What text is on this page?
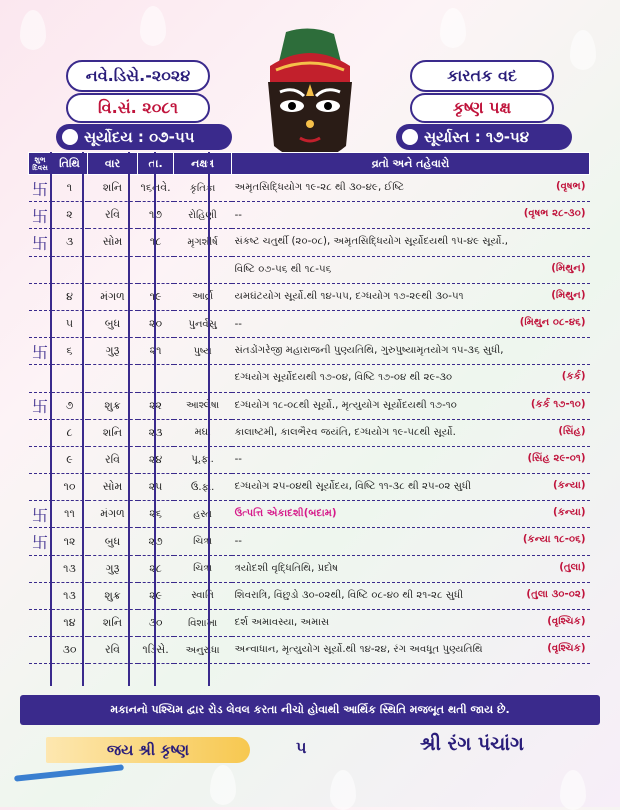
નવે.ડિસે.-૨૦૨૪
વિ.સં. ૨૦૮૧
સૂર્યોદય : ૦૭-૫૫
કારતક વદ
કૃષ્ણ પક્ષ
સૂર્યાસ્ત : ૧૭-૫૪
શુભ દિવસ	તિથિ	વાર	તા.	નક્ષત્ર	વ્રતો અને તહેવારો
卐	૧	શનિ	૧૬નવે.	કૃતિકા	અમૃતસિદ્ધિયોગ ૧૯-૨૮ થી ૩૦-૪૯, ઈષ્ટિ (વૃષભ)

卐	૨	રવિ	૧૭	રોહિણી	-- (વૃષભ ૨૮-૩૦)

卐	૩	સોમ	૧૮	મૃગશીર્ષ	સંકષ્ટ ચતુર્થી (૨૦-૦૮), અમૃતસિદ્ધિયોગ સૂર્યોદયથી ૧૫-૪૯ સૂર્યો.,

					વિષ્ટિ ૦૭-૫૬ થી ૧૮-૫૬ (મિથુન)

	૪	મંગળ	૧૯	આર્દ્રા	યમઘંટયોગ સૂર્યો.થી ૧૪-૫૫, દગ્ધયોગ ૧૭-૨૯થી ૩૦-૫૧ (મિથુન)

	૫	બુધ	૨૦	પુનર્વસુ	-- (મિથુન ૦૮-૪૬)

卐	૬	ગુરૂ	૨૧	પુષ્ય	સંતડોંગરેજી મહારાજની પુણ્યતિથિ, ગુરુપુષ્યામૃતયોગ ૧૫-૩૬ સુધી,

					દગ્ધયોગ સૂર્યોદયથી ૧૭-૦૪, વિષ્ટિ ૧૭-૦૪ થી ૨૯-૩૦ (કર્ક)

卐	૭	શુક્ર	૨૨	આશ્લેષા	દગ્ધયોગ ૧૮-૦૮થી સૂર્યો., મૃત્યુયોગ સૂર્યોદયથી ૧૭-૧૦ (કર્ક ૧૭-૧૦)

	૮	શનિ	૨૩	મઘા	કાલાષ્ટમી, કાલભૈરવ જયંતિ, દગ્ધયોગ ૧૯-૫૮થી સૂર્યો. (સિંહ)

	૯	રવિ	૨૪	પૂ.ફા.	-- (સિંહ ૨૯-૦૧)

	૧૦	સોમ	૨૫	ઉ.ફા.	દગ્ધયોગ ૨૫-૦૪થી સૂર્યોદય, વિષ્ટિ ૧૧-૩૮ થી ૨૫-૦૨ સુધી (કન્યા)

卐	૧૧	મંગળ	૨૬	હસ્ત	ઉત્પત્તિ એકાદશી(બદામ) (કન્યા)

卐	૧૨	બુધ	૨૭	ચિત્રા	-- (કન્યા ૧૮-૦૬)

	૧૩	ગુરૂ	૨૮	ચિત્રા	ત્રયોદશી વૃદ્ધિતિથિ, પ્રદોષ (તુલા)

	૧૩	શુક્ર	૨૯	સ્વાતિ	શિવરાત્રિ, વિંછુડો ૩૦-૦૨થી, વિષ્ટિ ૦૮-૪૦ થી ૨૧-૨૮ સુધી (તુલા ૩૦-૦૨)

	૧૪	શનિ	૩૦	વિશાખા	દર્શ અમાવસ્યા, અમાસ (વૃશ્ચિક)

	૩૦	રવિ	૧ડિસે.	અનુરાધા	અન્વાધાન, મૃત્યુયોગ સૂર્યો.થી ૧૪-૨૪, રંગ અવધૂત પુણ્યતિથિ (વૃશ્ચિક)
મકાનનો પશ્ચિમ દ્વાર રોડ લેવલ કરતા નીચો હોવાથી આર્થિક સ્થિતિ મજબૂત થતી જાય છે.
જય શ્રી કૃષ્ણ	૫	શ્રી રંગ પંચાંગ
